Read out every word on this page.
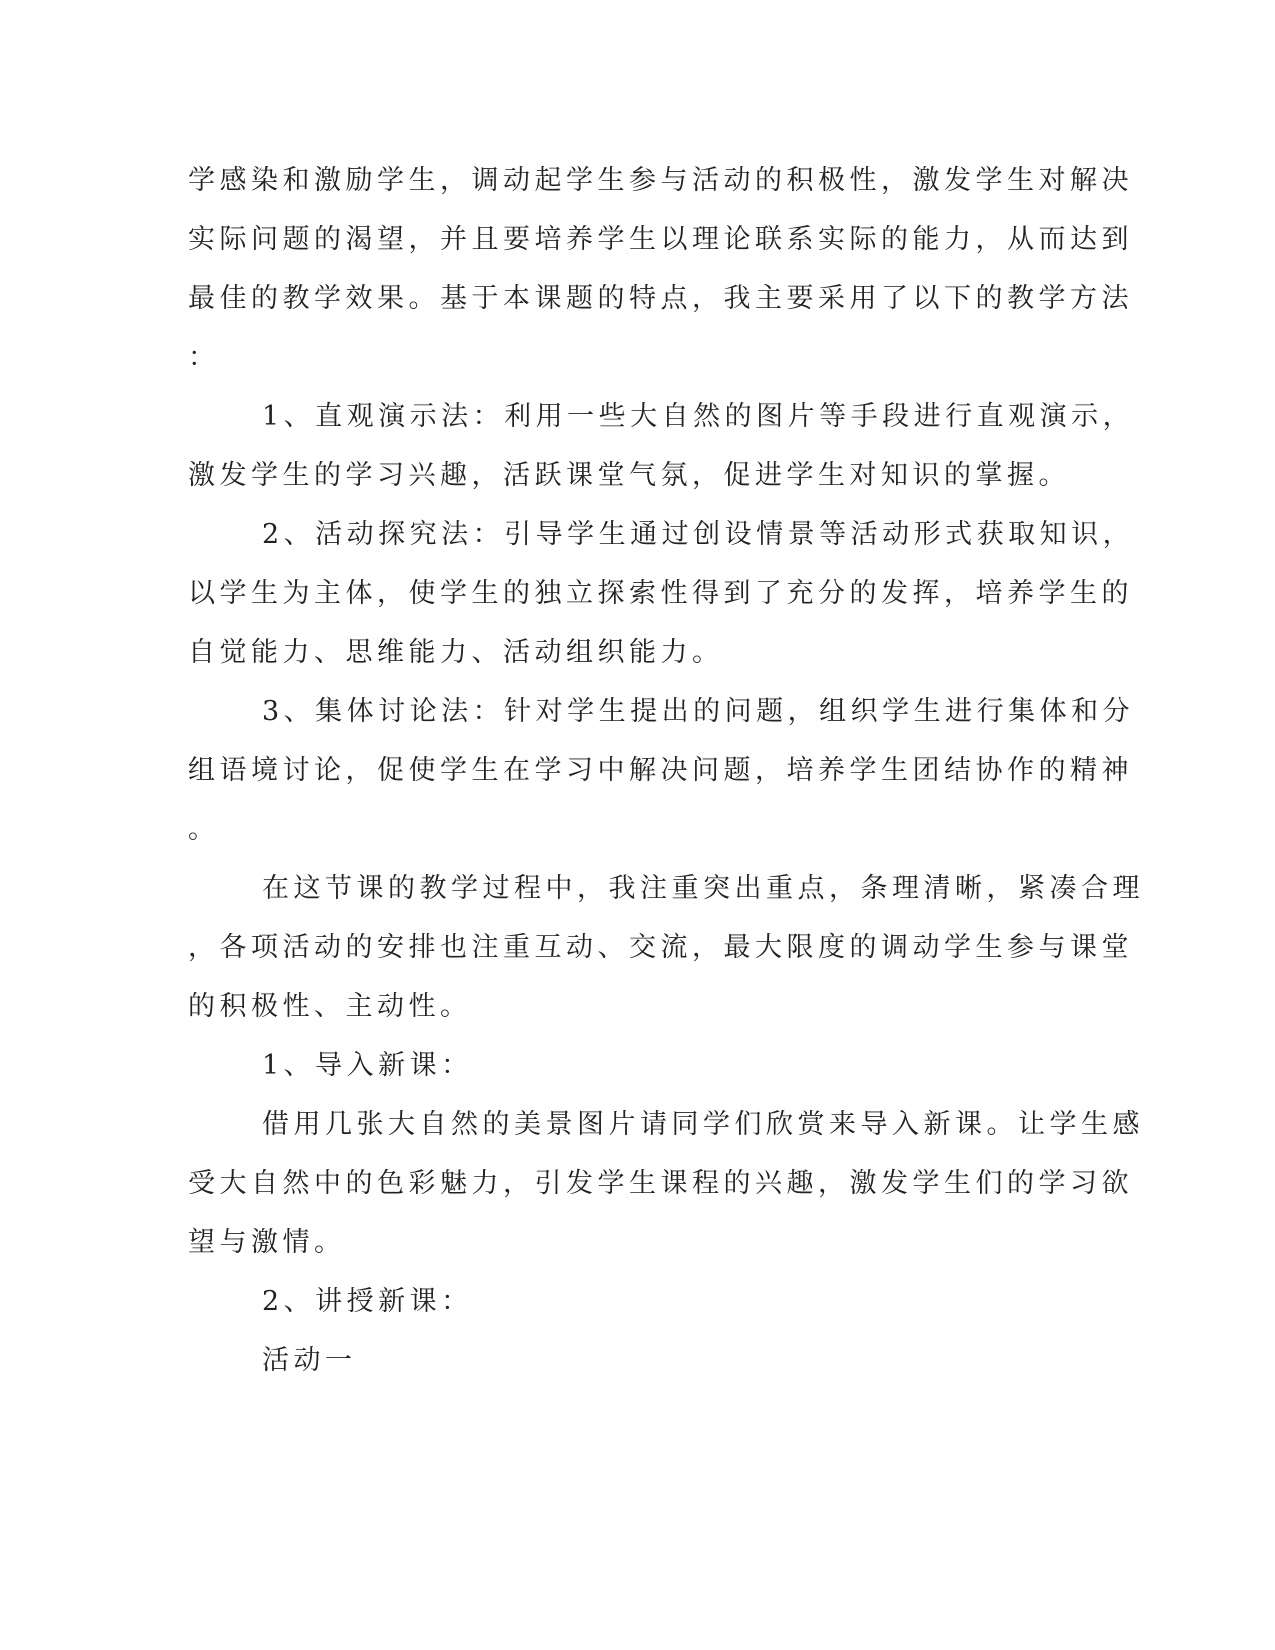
学感染和激励学生，调动起学生参与活动的积极性，激发学生对解决
实际问题的渴望，并且要培养学生以理论联系实际的能力，从而达到
最佳的教学效果。基于本课题的特点，我主要采用了以下的教学方法
：
1、直观演示法：利用一些大自然的图片等手段进行直观演示，
激发学生的学习兴趣，活跃课堂气氛，促进学生对知识的掌握。
2、活动探究法：引导学生通过创设情景等活动形式获取知识，
以学生为主体，使学生的独立探索性得到了充分的发挥，培养学生的
自觉能力、思维能力、活动组织能力。
3、集体讨论法：针对学生提出的问题，组织学生进行集体和分
组语境讨论，促使学生在学习中解决问题，培养学生团结协作的精神
。
在这节课的教学过程中，我注重突出重点，条理清晰，紧凑合理
，各项活动的安排也注重互动、交流，最大限度的调动学生参与课堂
的积极性、主动性。
1、导入新课：
借用几张大自然的美景图片请同学们欣赏来导入新课。让学生感
受大自然中的色彩魅力，引发学生课程的兴趣，激发学生们的学习欲
望与激情。
2、讲授新课：
活动一
